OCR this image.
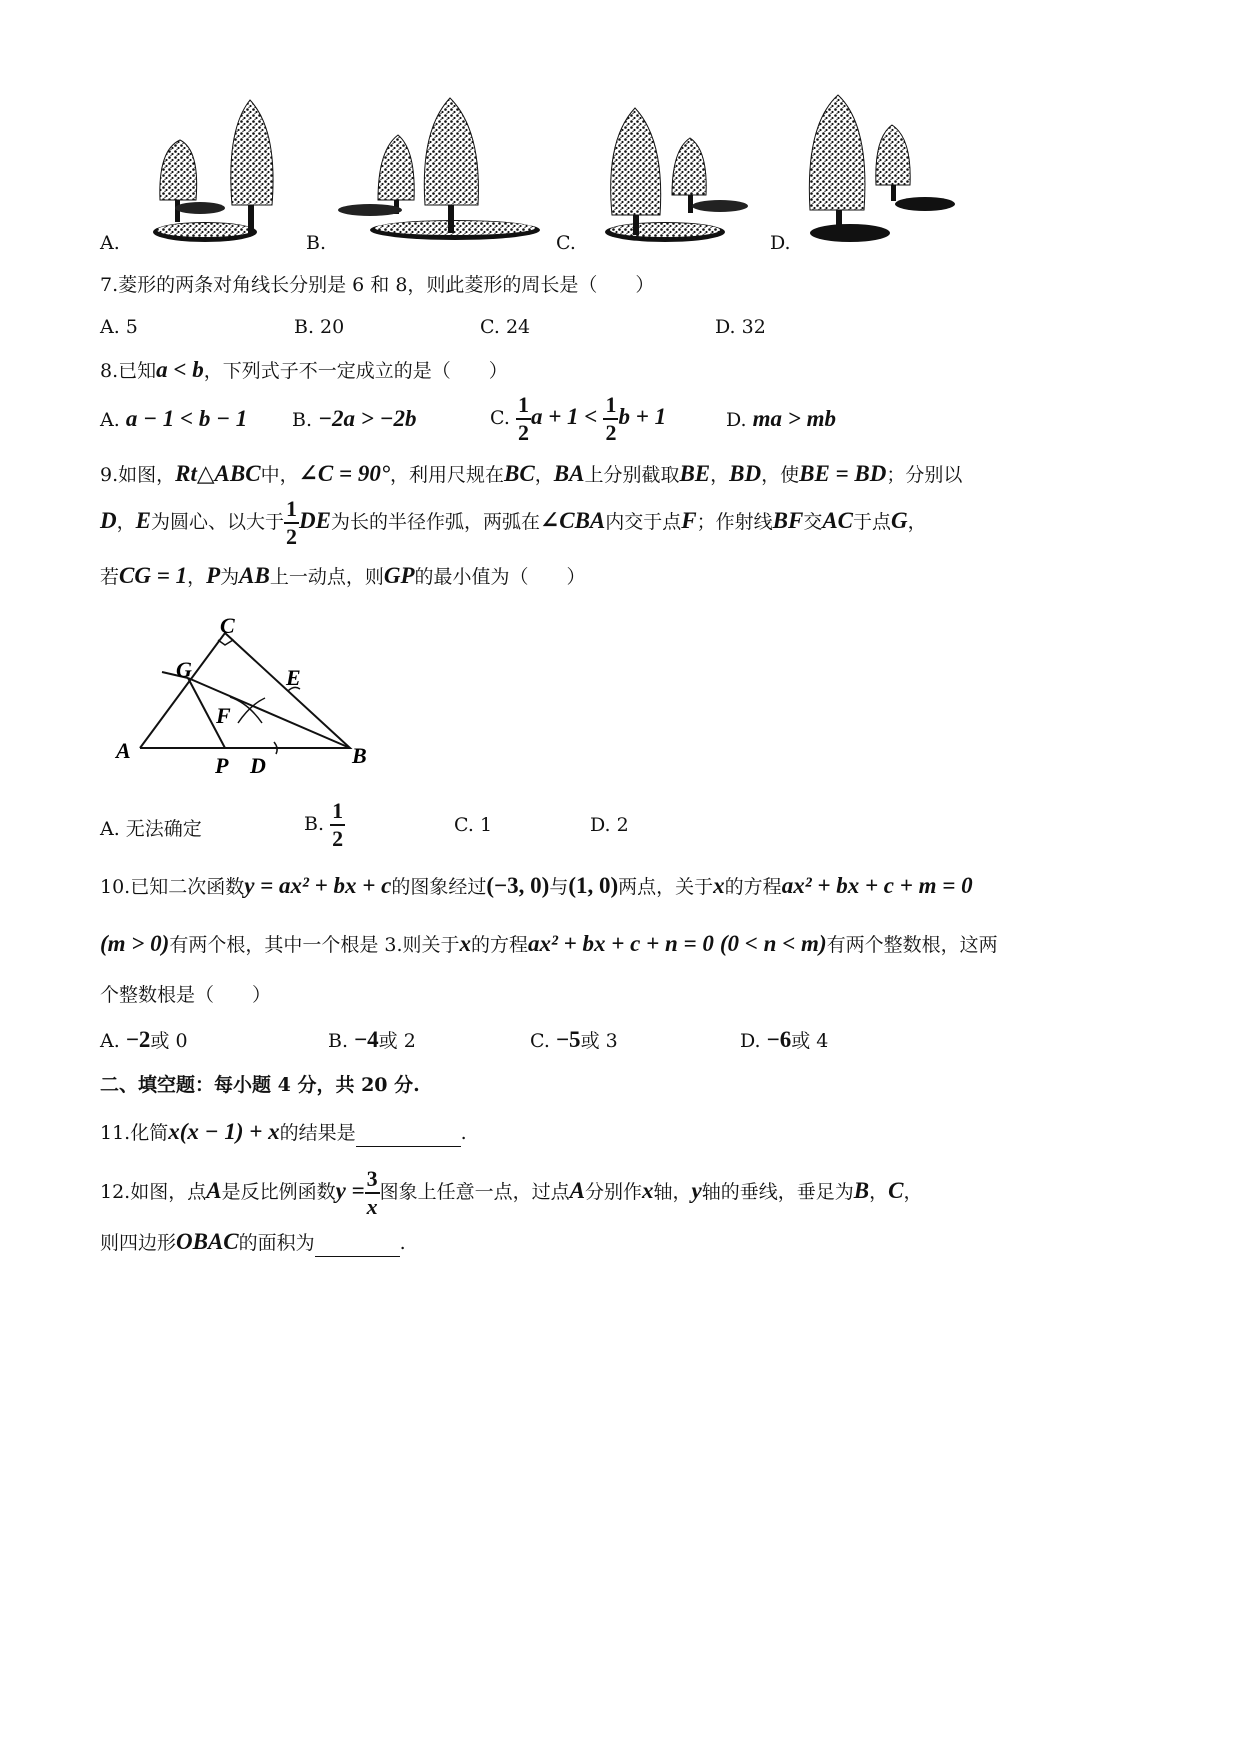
A.	B.	C.	D.
7.菱形的两条对角线长分别是 6 和 8，则此菱形的周长是（　　）
A. 5	B. 20	C. 24	D. 32
8.已知a < b，下列式子不一定成立的是（　　）
A. a − 1 < b − 1 B. −2a > −2b	C. $\frac{1}{2}$ $a + 1 < \frac{1}{2}$ b + 1	D. ma > mb
9.如图，Rt△ABC中，∠C = 90°，利用尺规在BC，BA上分别截取BE，BD，使BE = BD；分别以
D，E为圆心、以大于 $\frac{1}{2}$ DE为长的半径作弧，两弧在∠CBA内交于点F；作射线BF交AC于点G，
若CG = 1，P为AB上一动点，则GP的最小值为（　　）
C
G	E
F
A
P D	B
A. 无法确定	B. $\frac{1}{2}$	C. 1	D. 2
10.已知二次函数y = ax² + bx + c的图象经过(−3, 0)与(1, 0)两点，关于x的方程ax² + bx + c + m = 0
(m > 0)有两个根，其中一个根是 3.则关于x的方程ax² + bx + c + n = 0 (0 < n < m)有两个整数根，这两
个整数根是（　　）
A. −2或 0	B. −4或 2	C. −5或 3	D. −6或 4
二、填空题：每小题 4 分，共 20 分.
11.化简x(x − 1) + x的结果是	.
12.如图，点A是反比例函数$y = \frac{3}{x}$ 图象上任意一点，过点A分别作x轴，y轴的垂线，垂足为B，C，
则四边形OBAC的面积为	.
